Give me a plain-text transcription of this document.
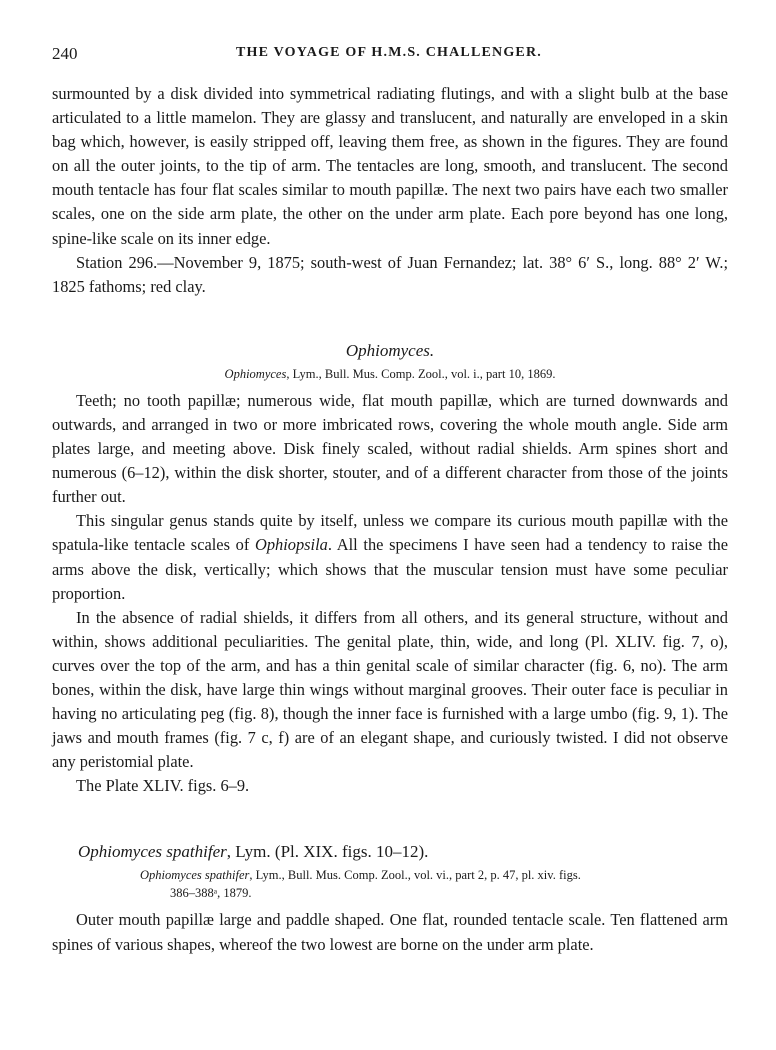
240	THE VOYAGE OF H.M.S. CHALLENGER.

surmounted by a disk divided into symmetrical radiating flutings, and with a slight bulb at the base articulated to a little mamelon. They are glassy and translucent, and naturally are enveloped in a skin bag which, however, is easily stripped off, leaving them free, as shown in the figures. They are found on all the outer joints, to the tip of arm. The tentacles are long, smooth, and translucent. The second mouth tentacle has four flat scales similar to mouth papillæ. The next two pairs have each two smaller scales, one on the side arm plate, the other on the under arm plate. Each pore beyond has one long, spine-like scale on its inner edge.

Station 296.—November 9, 1875; south-west of Juan Fernandez; lat. 38° 6′ S., long. 88° 2′ W.; 1825 fathoms; red clay.

Ophiomyces.
Ophiomyces, Lym., Bull. Mus. Comp. Zool., vol. i., part 10, 1869.

Teeth; no tooth papillæ; numerous wide, flat mouth papillæ, which are turned downwards and outwards, and arranged in two or more imbricated rows, covering the whole mouth angle. Side arm plates large, and meeting above. Disk finely scaled, without radial shields. Arm spines short and numerous (6–12), within the disk shorter, stouter, and of a different character from those of the joints further out.

This singular genus stands quite by itself, unless we compare its curious mouth papillæ with the spatula-like tentacle scales of Ophiopsila. All the specimens I have seen had a tendency to raise the arms above the disk, vertically; which shows that the muscular tension must have some peculiar proportion.

In the absence of radial shields, it differs from all others, and its general structure, without and within, shows additional peculiarities. The genital plate, thin, wide, and long (Pl. XLIV. fig. 7, o), curves over the top of the arm, and has a thin genital scale of similar character (fig. 6, no). The arm bones, within the disk, have large thin wings without marginal grooves. Their outer face is peculiar in having no articulating peg (fig. 8), though the inner face is furnished with a large umbo (fig. 9, 1). The jaws and mouth frames (fig. 7 c, f) are of an elegant shape, and curiously twisted. I did not observe any peristomial plate.

The Plate XLIV. figs. 6–9.

Ophiomyces spathifer, Lym. (Pl. XIX. figs. 10–12).
Ophiomyces spathifer, Lym., Bull. Mus. Comp. Zool., vol. vi., part 2, p. 47, pl. xiv. figs.
386–388ᵃ, 1879.

Outer mouth papillæ large and paddle shaped. One flat, rounded tentacle scale. Ten flattened arm spines of various shapes, whereof the two lowest are borne on the under arm plate.
